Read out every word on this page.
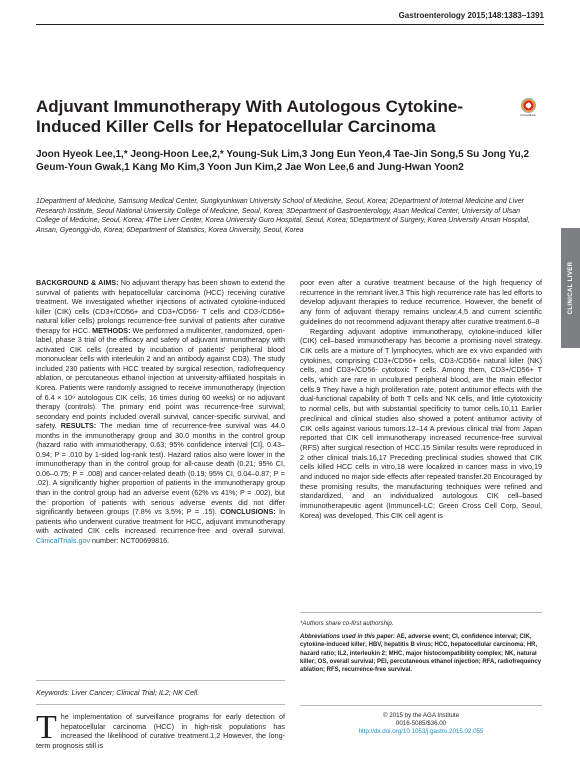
Gastroenterology 2015;148:1383–1391
CrossMark
Adjuvant Immunotherapy With Autologous Cytokine-Induced Killer Cells for Hepatocellular Carcinoma

Joon Hyeok Lee,1,* Jeong-Hoon Lee,2,* Young-Suk Lim,3 Jong Eun Yeon,4 Tae-Jin Song,5 Su Jong Yu,2 Geum-Youn Gwak,1 Kang Mo Kim,3 Yoon Jun Kim,2 Jae Won Lee,6 and Jung-Hwan Yoon2

1Department of Medicine, Samsung Medical Center, Sungkyunkwan University School of Medicine, Seoul, Korea; 2Department of Internal Medicine and Liver Research Institute, Seoul National University College of Medicine, Seoul, Korea; 3Department of Gastroenterology, Asan Medical Center, University of Ulsan College of Medicine, Seoul, Korea; 4The Liver Center, Korea University Guro Hospital, Seoul, Korea; 5Department of Surgery, Korea University Ansan Hospital, Ansan, Gyeonggi-do, Korea; 6Department of Statistics, Korea University, Seoul, Korea

CLINICAL LIVER

BACKGROUND & AIMS: No adjuvant therapy has been shown to extend the survival of patients with hepatocellular carcinoma (HCC) receiving curative treatment. We investigated whether injections of activated cytokine-induced killer (CIK) cells (CD3+/CD56+ and CD3+/CD56- T cells and CD3-/CD56+ natural killer cells) prolongs recurrence-free survival of patients after curative therapy for HCC. METHODS: We performed a multicenter, randomized, open-label, phase 3 trial of the efficacy and safety of adjuvant immunotherapy with activated CIK cells (created by incubation of patients' peripheral blood mononuclear cells with interleukin 2 and an antibody against CD3). The study included 230 patients with HCC treated by surgical resection, radiofrequency ablation, or percutaneous ethanol injection at university-affiliated hospitals in Korea. Patients were randomly assigned to receive immunotherapy (injection of 6.4 × 10⁹ autologous CIK cells, 16 times during 60 weeks) or no adjuvant therapy (controls). The primary end point was recurrence-free survival; secondary end points included overall survival, cancer-specific survival, and safety. RESULTS: The median time of recurrence-free survival was 44.0 months in the immunotherapy group and 30.0 months in the control group (hazard ratio with immunotherapy, 0.63; 95% confidence interval [CI], 0.43–0.94; P = .010 by 1-sided log-rank test). Hazard ratios also were lower in the immunotherapy than in the control group for all-cause death (0.21; 95% CI, 0.06–0.75; P = .008) and cancer-related death (0.19; 95% CI, 0.04–0.87; P = .02). A significantly higher proportion of patients in the immunotherapy group than in the control group had an adverse event (62% vs 41%; P = .002), but the proportion of patients with serious adverse events did not differ significantly between groups (7.8% vs 3.5%; P = .15). CONCLUSIONS: In patients who underwent curative treatment for HCC, adjuvant immunotherapy with activated CIK cells increased recurrence-free and overall survival. ClinicalTrials.gov number: NCT00699816.

Keywords: Liver Cancer; Clinical Trial; IL2; NK Cell.

The implementation of surveillance programs for early detection of hepatocellular carcinoma (HCC) in high-risk populations has increased the likelihood of curative treatment.1,2 However, the long-term prognosis still is

poor even after a curative treatment because of the high frequency of recurrence in the remnant liver.3 This high recurrence rate has led efforts to develop adjuvant therapies to reduce recurrence. However, the benefit of any form of adjuvant therapy remains unclear,4,5 and current scientific guidelines do not recommend adjuvant therapy after curative treatment.6–8

Regarding adjuvant adoptive immunotherapy, cytokine-induced killer (CIK) cell–based immunotherapy has become a promising novel strategy. CIK cells are a mixture of T lymphocytes, which are ex vivo expanded with cytokines, comprising CD3+/CD56+ cells, CD3-/CD56+ natural killer (NK) cells, and CD3+/CD56- cytotoxic T cells. Among them, CD3+/CD56+ T cells, which are rare in uncultured peripheral blood, are the main effector cells.9 They have a high proliferation rate, potent antitumor effects with the dual-functional capability of both T cells and NK cells, and little cytotoxicity to normal cells, but with substantial specificity to tumor cells.10,11 Earlier preclinical and clinical studies also showed a potent antitumor activity of CIK cells against various tumors.12–14 A previous clinical trial from Japan reported that CIK cell immunotherapy increased recurrence-free survival (RFS) after surgical resection of HCC.15 Similar results were reproduced in 2 other clinical trials.16,17 Preceding preclinical studies showed that CIK cells killed HCC cells in vitro,18 were localized in cancer mass in vivo,19 and induced no major side effects after repeated transfer.20 Encouraged by these promising results, the manufacturing techniques were refined and standardized, and an individualized autologous CIK cell–based immunotherapeutic agent (Immuncell-LC; Green Cross Cell Corp, Seoul, Korea) was developed. This CIK cell agent is

*Authors share co-first authorship.

Abbreviations used in this paper: AE, adverse event; CI, confidence interval; CIK, cytokine-induced killer; HBV, hepatitis B virus; HCC, hepatocellular carcinoma; HR, hazard ratio; IL2, interleukin 2; MHC, major histocompatibility complex; NK, natural killer; OS, overall survival; PEI, percutaneous ethanol injection; RFA, radiofrequency ablation; RFS, recurrence-free survival.

© 2015 by the AGA Institute
0016-5085/$36.00
http://dx.doi.org/10.1053/j.gastro.2015.02.055
